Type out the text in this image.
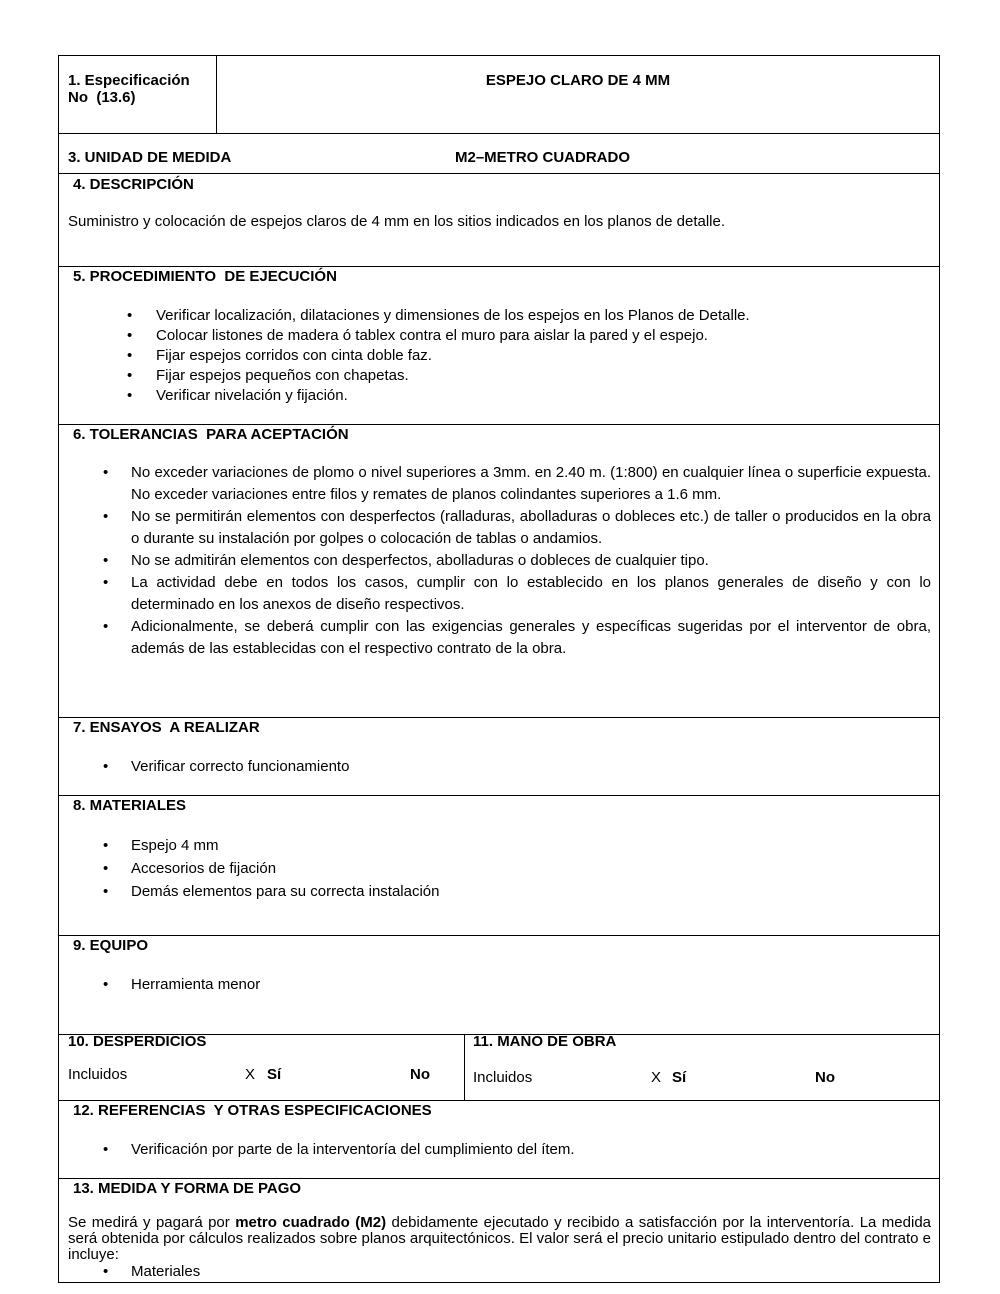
1. Especificación
No  (13.6)
ESPEJO CLARO DE 4 MM
3. UNIDAD DE MEDIDA	M2–METRO CUADRADO
4. DESCRIPCIÓN
Suministro y colocación de espejos claros de 4 mm en los sitios indicados en los planos de detalle.
5. PROCEDIMIENTO  DE EJECUCIÓN
• Verificar localización, dilataciones y dimensiones de los espejos en los Planos de Detalle.
• Colocar listones de madera ó tablex contra el muro para aislar la pared y el espejo.
• Fijar espejos corridos con cinta doble faz.
• Fijar espejos pequeños con chapetas.
• Verificar nivelación y fijación.
6. TOLERANCIAS  PARA ACEPTACIÓN
• No exceder variaciones de plomo o nivel superiores a 3mm. en 2.40 m. (1:800) en cualquier línea o superficie expuesta. No exceder variaciones entre filos y remates de planos colindantes superiores a 1.6 mm.
• No se permitirán elementos con desperfectos (ralladuras, abolladuras o dobleces etc.) de taller o producidos en la obra o durante su instalación por golpes o colocación de tablas o andamios.
• No se admitirán elementos con desperfectos, abolladuras o dobleces de cualquier tipo.
• La actividad debe en todos los casos, cumplir con lo establecido en los planos generales de diseño y con lo determinado en los anexos de diseño respectivos.
• Adicionalmente, se deberá cumplir con las exigencias generales y específicas sugeridas por el interventor de obra, además de las establecidas con el respectivo contrato de la obra.
7. ENSAYOS  A REALIZAR
• Verificar correcto funcionamiento
8. MATERIALES
• Espejo 4 mm
• Accesorios de fijación
• Demás elementos para su correcta instalación
9. EQUIPO
• Herramienta menor
10. DESPERDICIOS
Incluidos	X Sí	No
11. MANO DE OBRA
Incluidos	X Sí	No
12. REFERENCIAS  Y OTRAS ESPECIFICACIONES
• Verificación por parte de la interventoría del cumplimiento del ítem.
13. MEDIDA Y FORMA DE PAGO
Se medirá y pagará por metro cuadrado (M2) debidamente ejecutado y recibido a satisfacción por la interventoría. La medida será obtenida por cálculos realizados sobre planos arquitectónicos. El valor será el precio unitario estipulado dentro del contrato e incluye:
• Materiales
